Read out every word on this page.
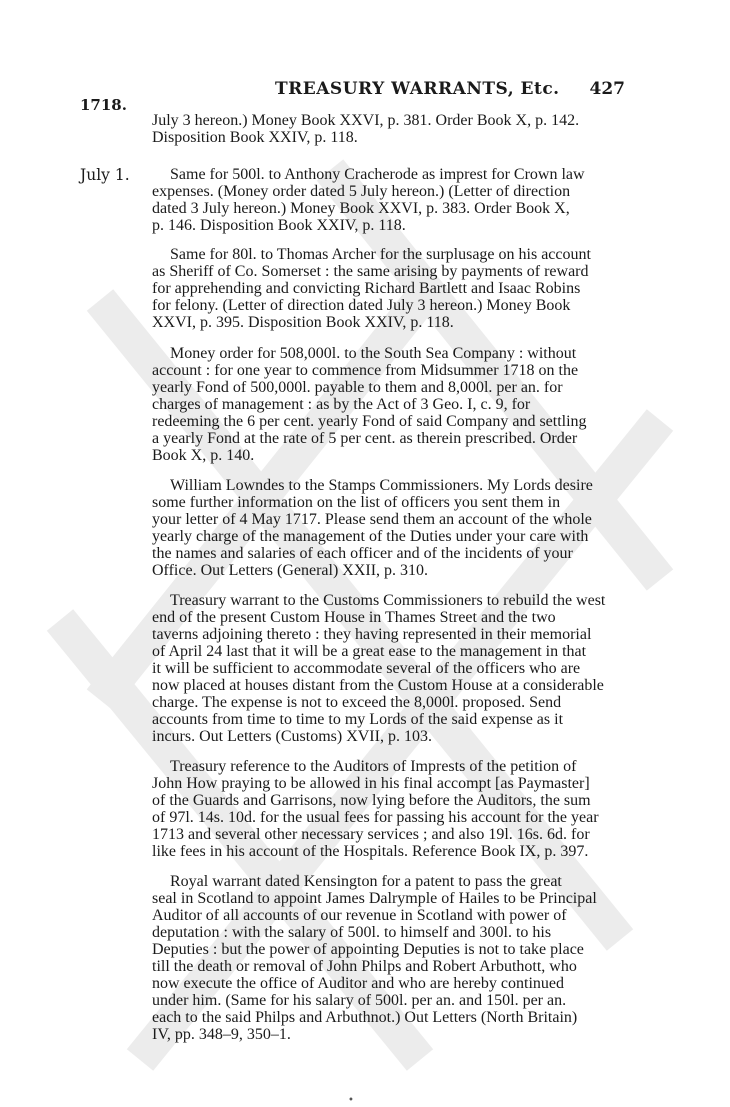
TREASURY WARRANTS, Etc. 427
1718.
July 1.
July 3 hereon.) Money Book XXVI, p. 381. Order Book X, p. 142.
Disposition Book XXIV, p. 118.
Same for 500l. to Anthony Cracherode as imprest for Crown law
expenses. (Money order dated 5 July hereon.) (Letter of direction
dated 3 July hereon.) Money Book XXVI, p. 383. Order Book X,
p. 146. Disposition Book XXIV, p. 118.
Same for 80l. to Thomas Archer for the surplusage on his account
as Sheriff of Co. Somerset : the same arising by payments of reward
for apprehending and convicting Richard Bartlett and Isaac Robins
for felony. (Letter of direction dated July 3 hereon.) Money Book
XXVI, p. 395. Disposition Book XXIV, p. 118.
Money order for 508,000l. to the South Sea Company : without
account : for one year to commence from Midsummer 1718 on the
yearly Fond of 500,000l. payable to them and 8,000l. per an. for
charges of management : as by the Act of 3 Geo. I, c. 9, for
redeeming the 6 per cent. yearly Fond of said Company and settling
a yearly Fond at the rate of 5 per cent. as therein prescribed. Order
Book X, p. 140.
William Lowndes to the Stamps Commissioners. My Lords desire
some further information on the list of officers you sent them in
your letter of 4 May 1717. Please send them an account of the whole
yearly charge of the management of the Duties under your care with
the names and salaries of each officer and of the incidents of your
Office. Out Letters (General) XXII, p. 310.
Treasury warrant to the Customs Commissioners to rebuild the west
end of the present Custom House in Thames Street and the two
taverns adjoining thereto : they having represented in their memorial
of April 24 last that it will be a great ease to the management in that
it will be sufficient to accommodate several of the officers who are
now placed at houses distant from the Custom House at a considerable
charge. The expense is not to exceed the 8,000l. proposed. Send
accounts from time to time to my Lords of the said expense as it
incurs. Out Letters (Customs) XVII, p. 103.
Treasury reference to the Auditors of Imprests of the petition of
John How praying to be allowed in his final accompt [as Paymaster]
of the Guards and Garrisons, now lying before the Auditors, the sum
of 97l. 14s. 10d. for the usual fees for passing his account for the year
1713 and several other necessary services ; and also 19l. 16s. 6d. for
like fees in his account of the Hospitals. Reference Book IX, p. 397.
Royal warrant dated Kensington for a patent to pass the great
seal in Scotland to appoint James Dalrymple of Hailes to be Principal
Auditor of all accounts of our revenue in Scotland with power of
deputation : with the salary of 500l. to himself and 300l. to his
Deputies : but the power of appointing Deputies is not to take place
till the death or removal of John Philps and Robert Arbuthott, who
now execute the office of Auditor and who are hereby continued
under him. (Same for his salary of 500l. per an. and 150l. per an.
each to the said Philps and Arbuthnot.) Out Letters (North Britain)
IV, pp. 348–9, 350–1.
•
